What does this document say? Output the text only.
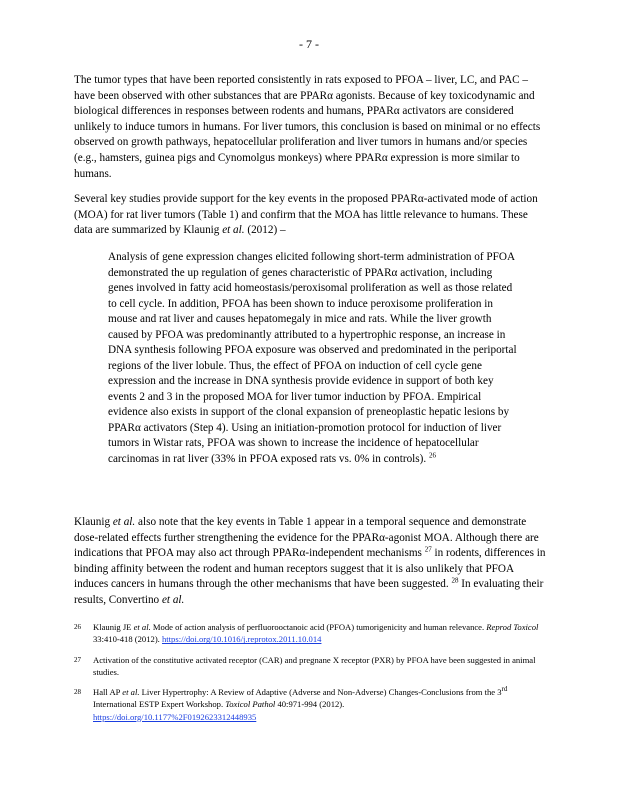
- 7 -

The tumor types that have been reported consistently in rats exposed to PFOA – liver, LC, and PAC – have been observed with other substances that are PPARα agonists. Because of key toxicodynamic and biological differences in responses between rodents and humans, PPARα activators are considered unlikely to induce tumors in humans. For liver tumors, this conclusion is based on minimal or no effects observed on growth pathways, hepatocellular proliferation and liver tumors in humans and/or species (e.g., hamsters, guinea pigs and Cynomolgus monkeys) where PPARα expression is more similar to humans.

Several key studies provide support for the key events in the proposed PPARα-activated mode of action (MOA) for rat liver tumors (Table 1) and confirm that the MOA has little relevance to humans. These data are summarized by Klaunig et al. (2012) –

Analysis of gene expression changes elicited following short-term administration of PFOA demonstrated the up regulation of genes characteristic of PPARα activation, including genes involved in fatty acid homeostasis/peroxisomal proliferation as well as those related to cell cycle. In addition, PFOA has been shown to induce peroxisome proliferation in mouse and rat liver and causes hepatomegaly in mice and rats. While the liver growth caused by PFOA was predominantly attributed to a hypertrophic response, an increase in DNA synthesis following PFOA exposure was observed and predominated in the periportal regions of the liver lobule. Thus, the effect of PFOA on induction of cell cycle gene expression and the increase in DNA synthesis provide evidence in support of both key events 2 and 3 in the proposed MOA for liver tumor induction by PFOA. Empirical evidence also exists in support of the clonal expansion of preneoplastic hepatic lesions by PPARα activators (Step 4). Using an initiation-promotion protocol for induction of liver tumors in Wistar rats, PFOA was shown to increase the incidence of hepatocellular carcinomas in rat liver (33% in PFOA exposed rats vs. 0% in controls). $^{26}$

Klaunig et al. also note that the key events in Table 1 appear in a temporal sequence and demonstrate dose-related effects further strengthening the evidence for the PPARα-agonist MOA. Although there are indications that PFOA may also act through PPARα-independent mechanisms $^{27}$ in rodents, differences in binding affinity between the rodent and human receptors suggest that it is also unlikely that PFOA induces cancers in humans through the other mechanisms that have been suggested. $^{28}$ In evaluating their results, Convertino et al.

26 Klaunig JE et al. Mode of action analysis of perfluorooctanoic acid (PFOA) tumorigenicity and human relevance. Reprod Toxicol 33:410-418 (2012). https://doi.org/10.1016/j.reprotox.2011.10.014
27 Activation of the constitutive activated receptor (CAR) and pregnane X receptor (PXR) by PFOA have been suggested in animal studies.
28 Hall AP et al. Liver Hypertrophy: A Review of Adaptive (Adverse and Non-Adverse) Changes-Conclusions from the 3rd International ESTP Expert Workshop. Toxicol Pathol 40:971-994 (2012).
https://doi.org/10.1177%2F0192623312448935
